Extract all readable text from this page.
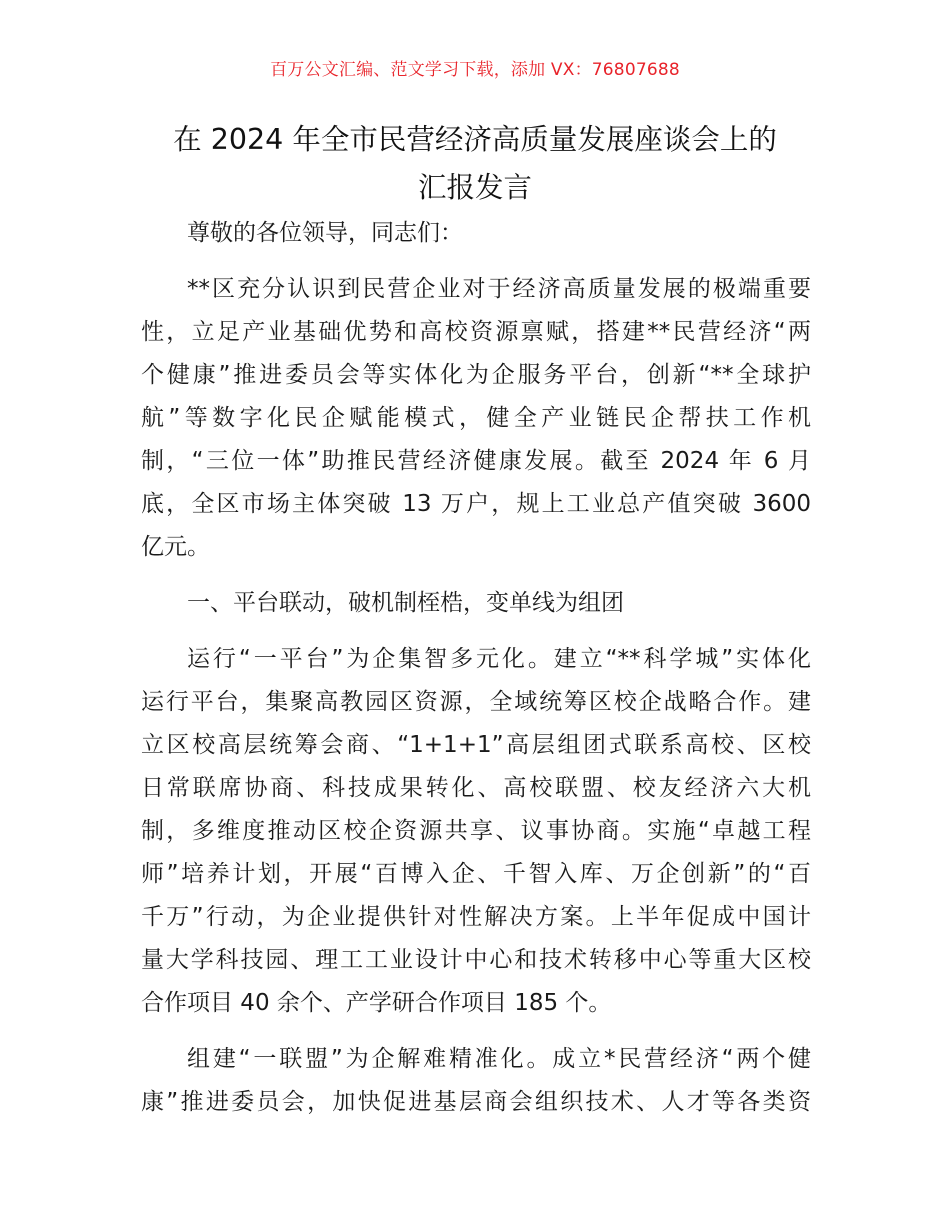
百万公文汇编、范文学习下载，添加 VX：76807688
在 2024 年全市民营经济高质量发展座谈会上的
汇报发言

尊敬的各位领导，同志们：

**区充分认识到民营企业对于经济高质量发展的极端重要
性，立足产业基础优势和高校资源禀赋，搭建**民营经济“两
个健康”推进委员会等实体化为企服务平台，创新“**全球护
航”等数字化民企赋能模式，健全产业链民企帮扶工作机
制，“三位一体”助推民营经济健康发展。截至 2024 年 6 月
底，全区市场主体突破 13 万户，规上工业总产值突破 3600
亿元。

一、平台联动，破机制桎梏，变单线为组团

运行“一平台”为企集智多元化。建立“**科学城”实体化
运行平台，集聚高教园区资源，全域统筹区校企战略合作。建
立区校高层统筹会商、“1+1+1”高层组团式联系高校、区校
日常联席协商、科技成果转化、高校联盟、校友经济六大机
制，多维度推动区校企资源共享、议事协商。实施“卓越工程
师”培养计划，开展“百博入企、千智入库、万企创新”的“百
千万”行动，为企业提供针对性解决方案。上半年促成中国计
量大学科技园、理工工业设计中心和技术转移中心等重大区校
合作项目 40 余个、产学研合作项目 185 个。

组建“一联盟”为企解难精准化。成立*民营经济“两个健
康”推进委员会，加快促进基层商会组织技术、人才等各类资
